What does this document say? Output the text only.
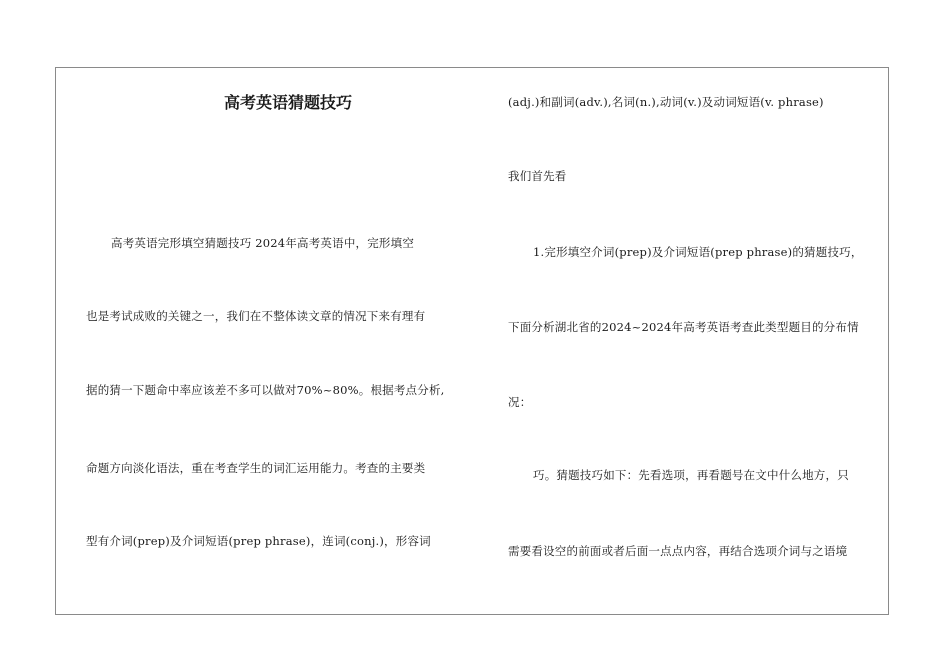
高考英语猜题技巧
高考英语完形填空猜题技巧 2024年高考英语中，完形填空
也是考试成败的关键之一，我们在不整体读文章的情况下来有理有
据的猜一下题命中率应该差不多可以做对70%~80%。根据考点分析,
命题方向淡化语法，重在考查学生的词汇运用能力。考查的主要类
型有介词(prep)及介词短语(prep phrase)，连词(conj.)，形容词
(adj.)和副词(adv.),名词(n.),动词(v.)及动词短语(v. phrase)
我们首先看
1.完形填空介词(prep)及介词短语(prep phrase)的猜题技巧，
下面分析湖北省的2024~2024年高考英语考查此类型题目的分布情
况：
巧。猜题技巧如下：先看选项，再看题号在文中什么地方，只
需要看设空的前面或者后面一点点内容，再结合选项介词与之语境
